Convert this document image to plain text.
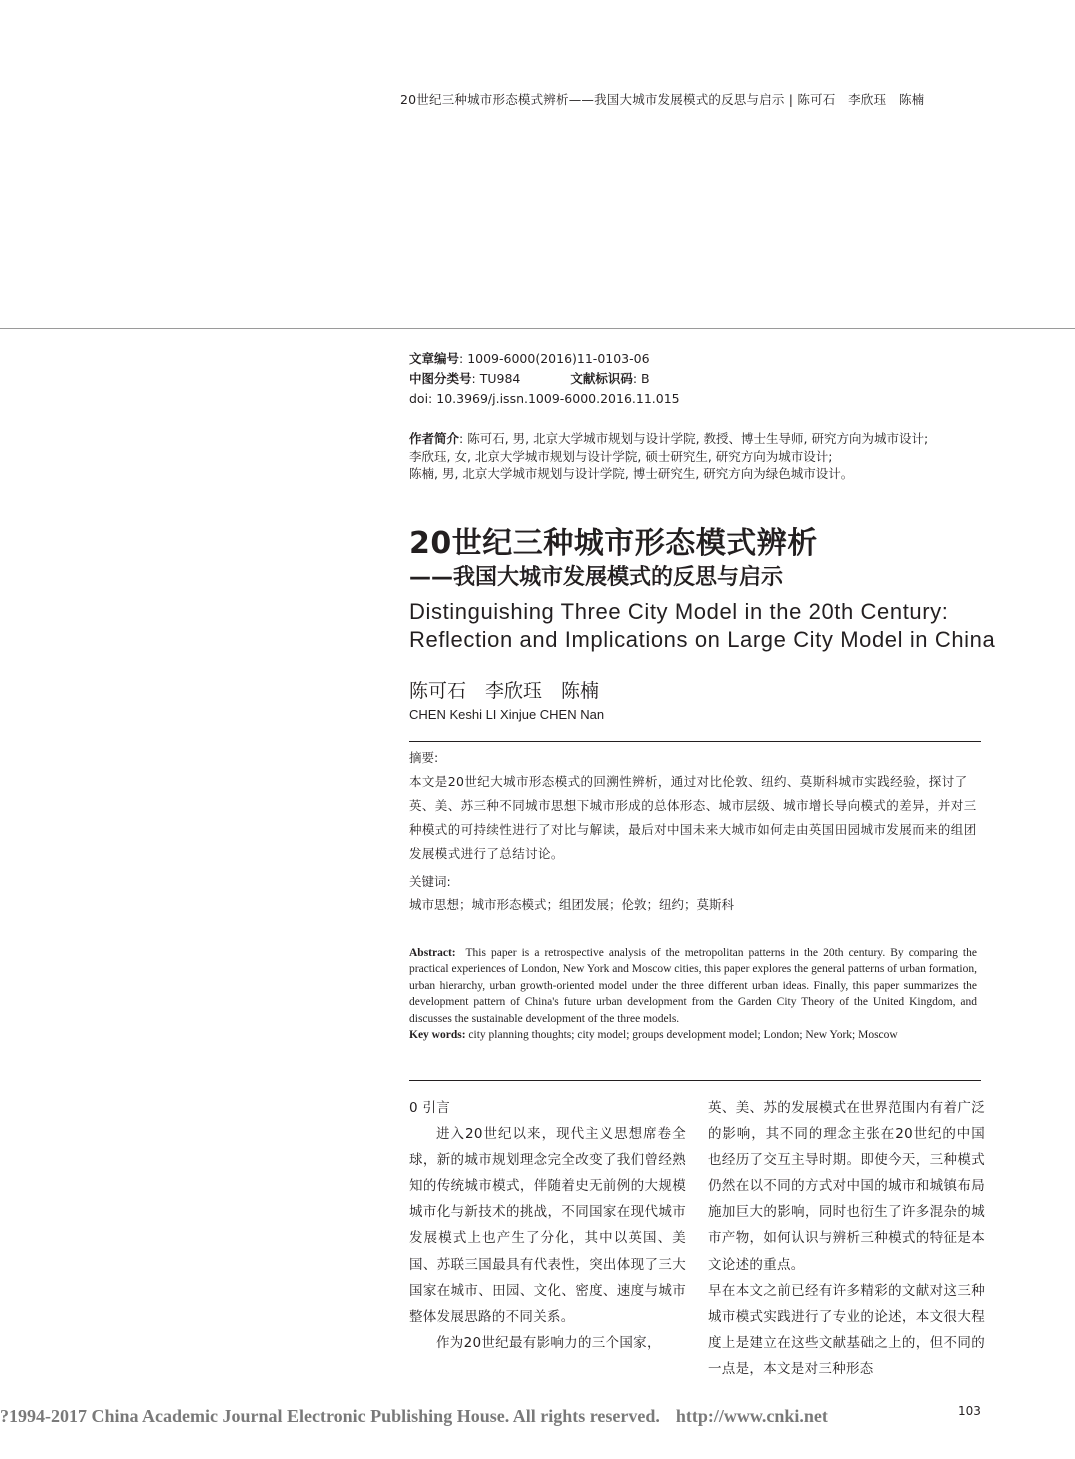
20世纪三种城市形态模式辨析——我国大城市发展模式的反思与启示 | 陈可石　李欣珏　陈楠
文章编号: 1009-6000(2016)11-0103-06
中图分类号: TU984	文献标识码: B
doi: 10.3969/j.issn.1009-6000.2016.11.015
作者简介: 陈可石, 男, 北京大学城市规划与设计学院, 教授、博士生导师, 研究方向为城市设计;
李欣珏, 女, 北京大学城市规划与设计学院, 硕士研究生, 研究方向为城市设计;
陈楠, 男, 北京大学城市规划与设计学院, 博士研究生, 研究方向为绿色城市设计。
20世纪三种城市形态模式辨析
——我国大城市发展模式的反思与启示
Distinguishing Three City Model in the 20th Century:
Reflection and Implications on Large City Model in China
陈可石　李欣珏　陈楠
CHEN Keshi LI Xinjue CHEN Nan
摘要:
本文是20世纪大城市形态模式的回溯性辨析，通过对比伦敦、纽约、莫斯科城市实践经验，探讨了英、美、苏三种不同城市思想下城市形成的总体形态、城市层级、城市增长导向模式的差异，并对三种模式的可持续性进行了对比与解读，最后对中国未来大城市如何走由英国田园城市发展而来的组团发展模式进行了总结讨论。
关键词:
城市思想；城市形态模式；组团发展；伦敦；纽约；莫斯科
Abstract: This paper is a retrospective analysis of the metropolitan patterns in the 20th century. By comparing the practical experiences of London, New York and Moscow cities, this paper explores the general patterns of urban formation, urban hierarchy, urban growth-oriented model under the three different urban ideas. Finally, this paper summarizes the development pattern of China's future urban development from the Garden City Theory of the United Kingdom, and discusses the sustainable development of the three models.
Key words: city planning thoughts; city model; groups development model; London; New York; Moscow

0 引言

进入20世纪以来，现代主义思想席卷全球，新的城市规划理念完全改变了我们曾经熟知的传统城市模式，伴随着史无前例的大规模城市化与新技术的挑战，不同国家在现代城市发展模式上也产生了分化，其中以英国、美国、苏联三国最具有代表性，突出体现了三大国家在城市、田园、文化、密度、速度与城市整体发展思路的不同关系。

作为20世纪最有影响力的三个国家，

英、美、苏的发展模式在世界范围内有着广泛的影响，其不同的理念主张在20世纪的中国也经历了交互主导时期。即使今天，三种模式仍然在以不同的方式对中国的城市和城镇布局施加巨大的影响，同时也衍生了许多混杂的城市产物，如何认识与辨析三种模式的特征是本文论述的重点。

早在本文之前已经有许多精彩的文献对这三种城市模式实践进行了专业的论述，本文很大程度上是建立在这些文献基础之上的，但不同的一点是，本文是对三种形态

?1994-2017 China Academic Journal Electronic Publishing House. All rights reserved. http://www.cnki.net	103
